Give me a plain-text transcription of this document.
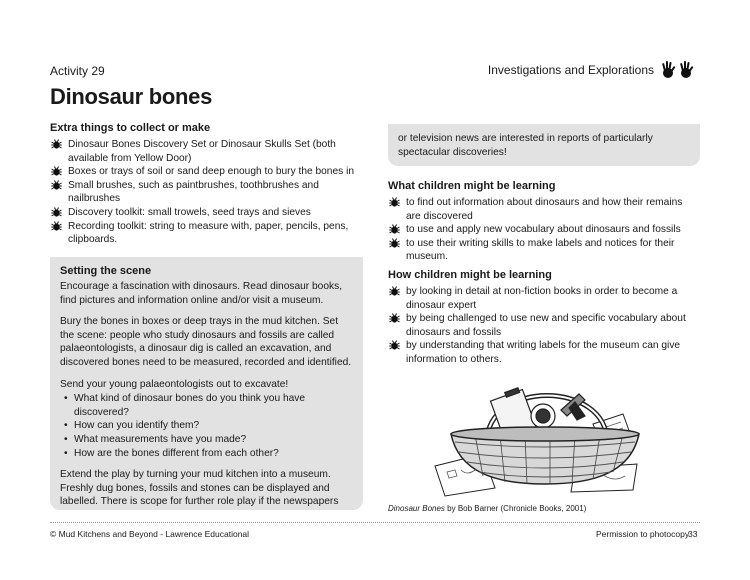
Activity 29	Investigations and Explorations
Dinosaur bones
Extra things to collect or make
Dinosaur Bones Discovery Set or Dinosaur Skulls Set (both available from Yellow Door)
Boxes or trays of soil or sand deep enough to bury the bones in
Small brushes, such as paintbrushes, toothbrushes and nailbrushes
Discovery toolkit: small trowels, seed trays and sieves
Recording toolkit: string to measure with, paper, pencils, pens, clipboards.
Setting the scene

Encourage a fascination with dinosaurs. Read dinosaur books, find pictures and information online and/or visit a museum.

Bury the bones in boxes or deep trays in the mud kitchen. Set the scene: people who study dinosaurs and fossils are called palaeontologists, a dinosaur dig is called an excavation, and discovered bones need to be measured, recorded and identified.

Send your young palaeontologists out to excavate!

• What kind of dinosaur bones do you think you have discovered?
• How can you identify them?
• What measurements have you made?
• How are the bones different from each other?

Extend the play by turning your mud kitchen into a museum. Freshly dug bones, fossils and stones can be displayed and labelled. There is scope for further role play if the newspapers

or television news are interested in reports of particularly spectacular discoveries!

What children might be learning
to find out information about dinosaurs and how their remains are discovered
to use and apply new vocabulary about dinosaurs and fossils
to use their writing skills to make labels and notices for their museum.
How children might be learning
by looking in detail at non-fiction books in order to become a dinosaur expert
by being challenged to use new and specific vocabulary about dinosaurs and fossils
by understanding that writing labels for the museum can give information to others.
Dinosaur Bones by Bob Barner (Chronicle Books, 2001)
© Mud Kitchens and Beyond - Lawrence Educational	Permission to photocopy
33
